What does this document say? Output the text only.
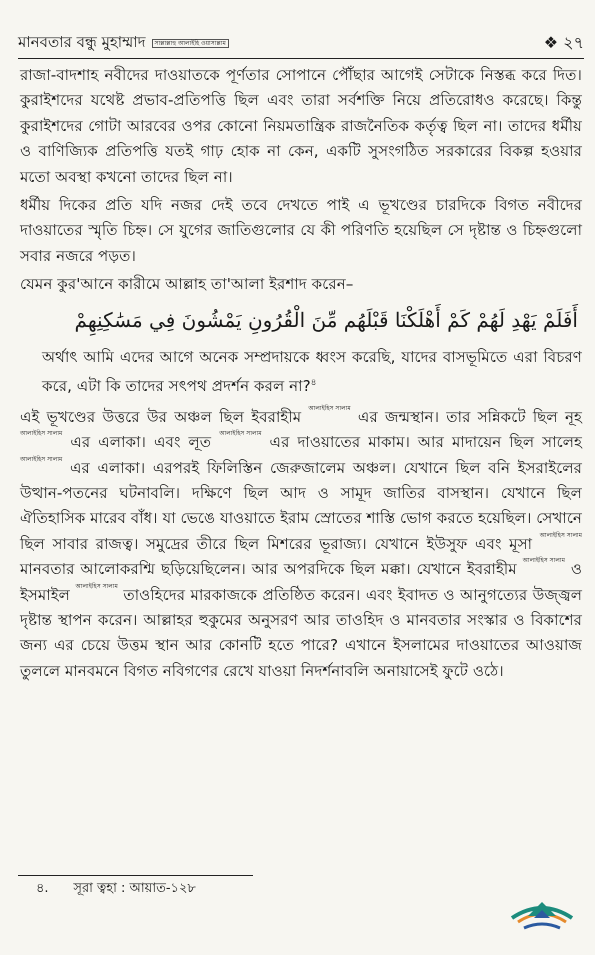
মানবতার বন্ধু মুহাম্মাদ	সাল্লাল্লাহু আলাইহি ওয়াসাল্লাম	❖ ২৭

রাজা-বাদশাহ নবীদের দাওয়াতকে পূর্ণতার সোপানে পৌঁছার আগেই সেটাকে নিস্তব্ধ করে দিত। কুরাইশদের যথেষ্ট প্রভাব-প্রতিপত্তি ছিল এবং তারা সর্বশক্তি নিয়ে প্রতিরোধও করেছে। কিন্তু কুরাইশদের গোটা আরবের ওপর কোনো নিয়মতান্ত্রিক রাজনৈতিক কর্তৃত্ব ছিল না। তাদের ধর্মীয় ও বাণিজ্যিক প্রতিপত্তি যতই গাঢ় হোক না কেন, একটি সুসংগঠিত সরকারের বিকল্প হওয়ার মতো অবস্থা কখনো তাদের ছিল না।

ধর্মীয় দিকের প্রতি যদি নজর দেই তবে দেখতে পাই এ ভূখণ্ডের চারদিকে বিগত নবীদের দাওয়াতের স্মৃতি চিহ্ন। সে যুগের জাতিগুলোর যে কী পরিণতি হয়েছিল সে দৃষ্টান্ত ও চিহ্নগুলো সবার নজরে পড়ত।

যেমন কুর'আনে কারীমে আল্লাহ তা'আলা ইরশাদ করেন–

أَفَلَمْ يَهْدِ لَهُمْ كَمْ أَهْلَكْنَا قَبْلَهُم مِّنَ الْقُرُونِ يَمْشُونَ فِي مَسَٰكِنِهِمْ
অর্থাৎ আমি এদের আগে অনেক সম্প্রদায়কে ধ্বংস করেছি, যাদের বাসভূমিতে এরা বিচরণ করে, এটা কি তাদের সৎপথ প্রদর্শন করল না?$^৪$

এই ভূখণ্ডের উত্তরে উর অঞ্চল ছিল ইবরাহীম আলাইহিস সালাম এর জন্মস্থান। তার সন্নিকটে ছিল নূহ আলাইহিস সালাম এর এলাকা। এবং লূত আলাইহিস সালাম এর দাওয়াতের মাকাম। আর মাদায়েন ছিল সালেহ আলাইহিস সালাম এর এলাকা। এরপরই ফিলিস্তিন জেরুজালেম অঞ্চল। যেখানে ছিল বনি ইসরাইলের উত্থান-পতনের ঘটনাবলি। দক্ষিণে ছিল আদ ও সামূদ জাতির বাসস্থান। যেখানে ছিল ঐতিহাসিক মারেব বাঁধ। যা ভেঙে যাওয়াতে ইরাম স্রোতের শাস্তি ভোগ করতে হয়েছিল। সেখানে ছিল সাবার রাজত্ব। সমুদ্রের তীরে ছিল মিশরের ভূরাজ্য। যেখানে ইউসুফ এবং মূসা আলাইহিস সালাম মানবতার আলোকরশ্মি ছড়িয়েছিলেন। আর অপরদিকে ছিল মক্কা। যেখানে ইবরাহীম আলাইহিস সালাম ও ইসমাইল আলাইহিস সালাম তাওহিদের মারকাজকে প্রতিষ্ঠিত করেন। এবং ইবাদত ও আনুগত্যের উজ্জ্বল দৃষ্টান্ত স্থাপন করেন। আল্লাহর হুকুমের অনুসরণ আর তাওহিদ ও মানবতার সংস্কার ও বিকাশের জন্য এর চেয়ে উত্তম স্থান আর কোনটি হতে পারে? এখানে ইসলামের দাওয়াতের আওয়াজ তুললে মানবমনে বিগত নবিগণের রেখে যাওয়া নিদর্শনাবলি অনায়াসেই ফুটে ওঠে।

৪. সূরা ত্বহা : আয়াত-১২৮
